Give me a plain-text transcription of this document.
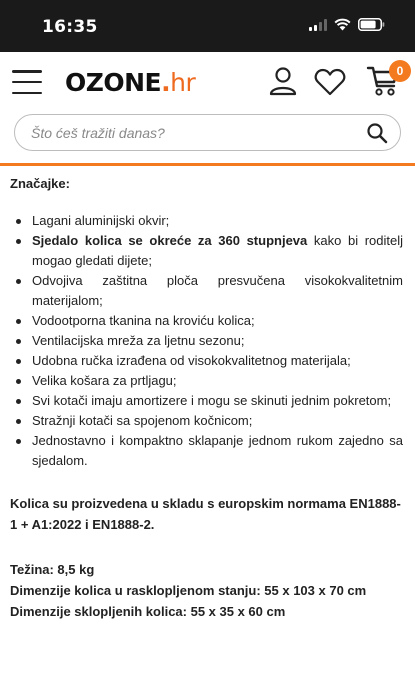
16:35
OZONE.hr	0
Što ćeš tražiti danas?
Značajke:
Lagani aluminijski okvir;
Sjedalo kolica se okreće za 360 stupnjeva kako bi roditelj mogao gledati dijete;
Odvojiva zaštitna ploča presvučena visokokvalitetnim materijalom;
Vodootporna tkanina na krović﻿u kolica;
Ventilacijska mreža za ljetnu sezonu;
Udobna ručka izrađena od visokokvalitetnog materijala;
Velika košara za prtljagu;
Svi kotači imaju amortizere i mogu se skinuti jednim pokretom;
Stražnji kotači sa spojenom kočnicom;
Jednostavno i kompaktno sklapanje jednom rukom zajedno sa sjedalom.
Kolica su proizvedena u skladu s europskim normama EN1888-1 + A1:2022 i EN1888-2.
Težina: 8,5 kg
Dimenzije kolica u rasklopljenom stanju: 55 x 103 x 70 cm
Dimenzije sklopljenih kolica: 55 x 35 x 60 cm
